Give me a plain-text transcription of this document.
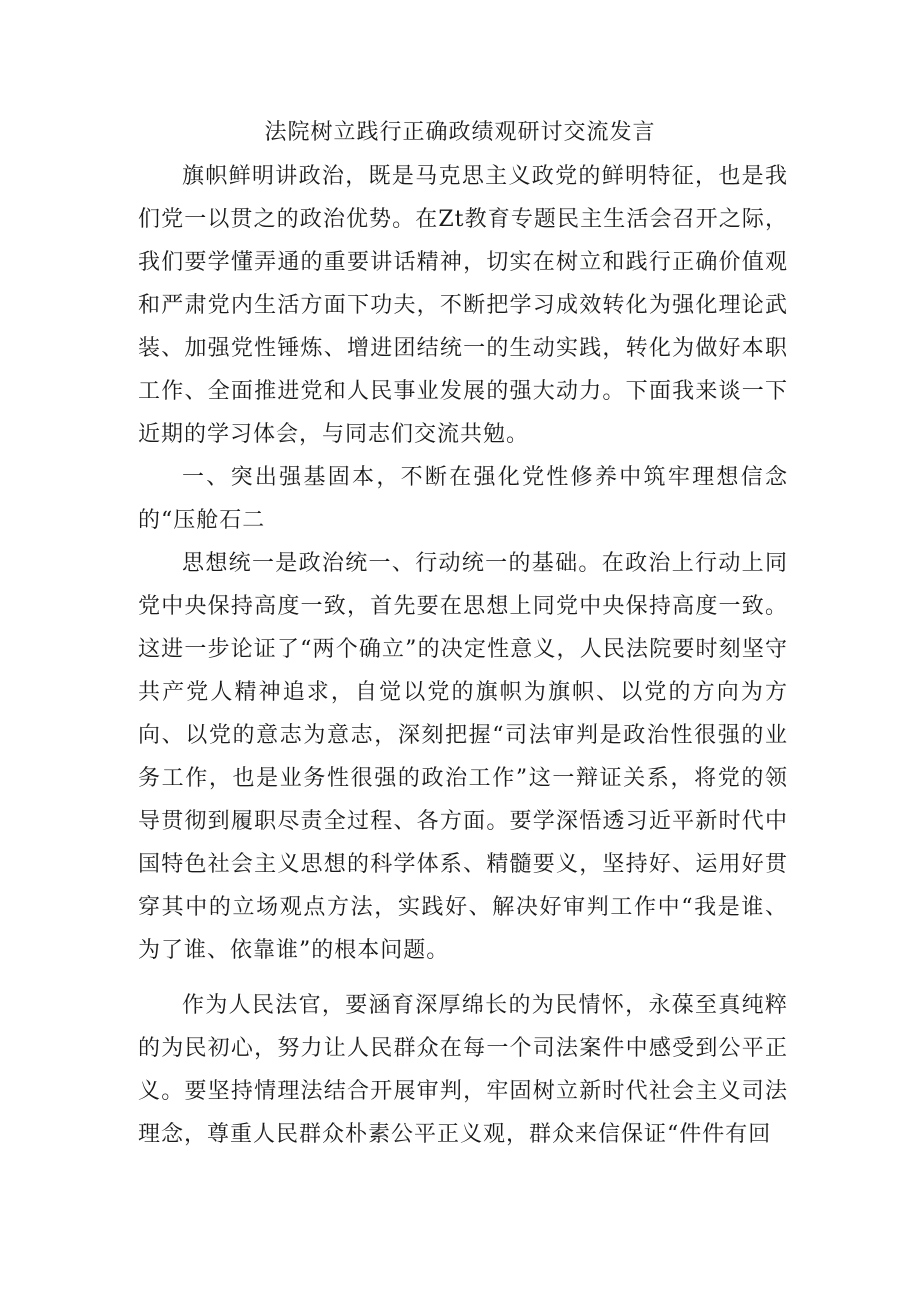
法院树立践行正确政绩观研讨交流发言

旗帜鲜明讲政治，既是马克思主义政党的鲜明特征，也是我们党一以贯之的政治优势。在Zt教育专题民主生活会召开之际，我们要学懂弄通的重要讲话精神，切实在树立和践行正确价值观和严肃党内生活方面下功夫，不断把学习成效转化为强化理论武装、加强党性锤炼、增进团结统一的生动实践，转化为做好本职工作、全面推进党和人民事业发展的强大动力。下面我来谈一下近期的学习体会，与同志们交流共勉。

一、突出强基固本，不断在强化党性修养中筑牢理想信念的“压舱石二

思想统一是政治统一、行动统一的基础。在政治上行动上同党中央保持高度一致，首先要在思想上同党中央保持高度一致。这进一步论证了“两个确立”的决定性意义，人民法院要时刻坚守共产党人精神追求，自觉以党的旗帜为旗帜、以党的方向为方向、以党的意志为意志，深刻把握“司法审判是政治性很强的业务工作，也是业务性很强的政治工作”这一辩证关系，将党的领导贯彻到履职尽责全过程、各方面。要学深悟透习近平新时代中国特色社会主义思想的科学体系、精髓要义，坚持好、运用好贯穿其中的立场观点方法，实践好、解决好审判工作中“我是谁、为了谁、依靠谁”的根本问题。

作为人民法官，要涵育深厚绵长的为民情怀，永葆至真纯粹的为民初心，努力让人民群众在每一个司法案件中感受到公平正义。要坚持情理法结合开展审判，牢固树立新时代社会主义司法理念，尊重人民群众朴素公平正义观，群众来信保证“件件有回
